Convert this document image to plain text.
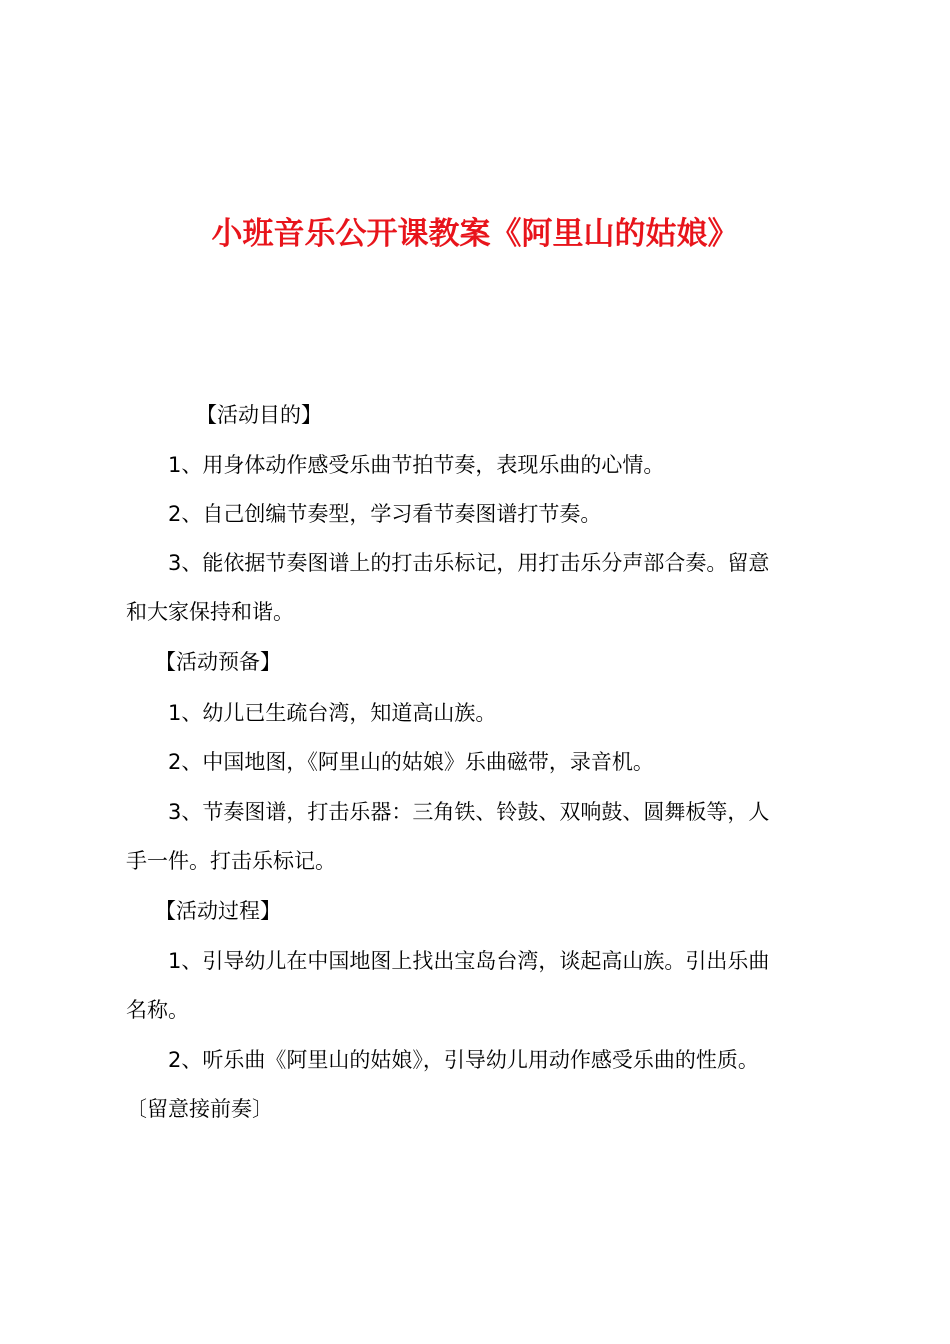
小班音乐公开课教案《阿里山的姑娘》
【活动目的】
1、用身体动作感受乐曲节拍节奏，表现乐曲的心情。
2、自己创编节奏型，学习看节奏图谱打节奏。
3、能依据节奏图谱上的打击乐标记，用打击乐分声部合奏。留意
和大家保持和谐。
【活动预备】
1、幼儿已生疏台湾，知道高山族。
2、中国地图，《阿里山的姑娘》乐曲磁带，录音机。
3、节奏图谱，打击乐器：三角铁、铃鼓、双响鼓、圆舞板等，人
手一件。打击乐标记。
【活动过程】
1、引导幼儿在中国地图上找出宝岛台湾，谈起高山族。引出乐曲
名称。
2、听乐曲《阿里山的姑娘》，引导幼儿用动作感受乐曲的性质。
〔留意接前奏〕
